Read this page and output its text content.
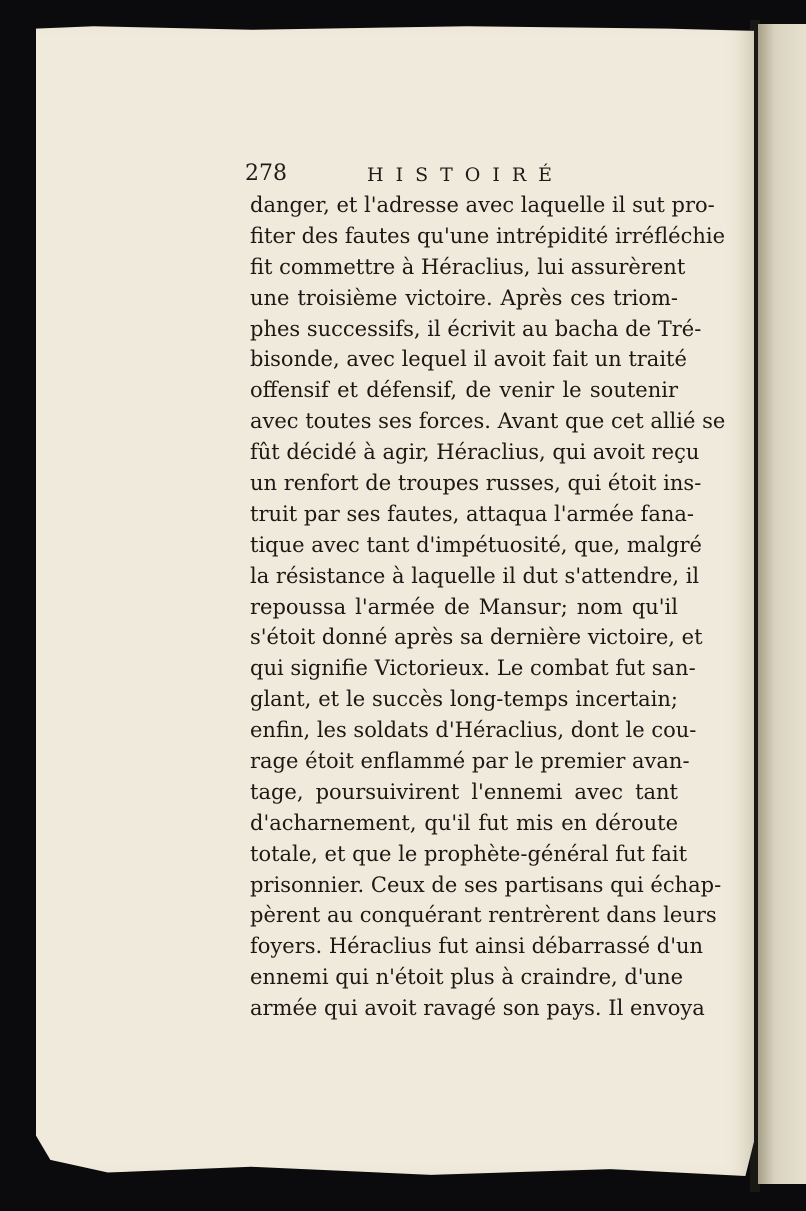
278	HISTOIRÉ
danger, et l'adresse avec laquelle il sut pro-
fiter des fautes qu'une intrépidité irréfléchie
fit commettre à Héraclius, lui assurèrent
une troisième victoire. Après ces triom-
phes successifs, il écrivit au bacha de Tré-
bisonde, avec lequel il avoit fait un traité
offensif et défensif, de venir le soutenir
avec toutes ses forces. Avant que cet allié se
fût décidé à agir, Héraclius, qui avoit reçu
un renfort de troupes russes, qui étoit ins-
truit par ses fautes, attaqua l'armée fana-
tique avec tant d'impétuosité, que, malgré
la résistance à laquelle il dut s'attendre, il
repoussa l'armée de Mansur; nom qu'il
s'étoit donné après sa dernière victoire, et
qui signifie Victorieux. Le combat fut san-
glant, et le succès long-temps incertain;
enfin, les soldats d'Héraclius, dont le cou-
rage étoit enflammé par le premier avan-
tage, poursuivirent l'ennemi avec tant
d'acharnement, qu'il fut mis en déroute
totale, et que le prophète-général fut fait
prisonnier. Ceux de ses partisans qui échap-
pèrent au conquérant rentrèrent dans leurs
foyers. Héraclius fut ainsi débarrassé d'un
ennemi qui n'étoit plus à craindre, d'une
armée qui avoit ravagé son pays. Il envoya
